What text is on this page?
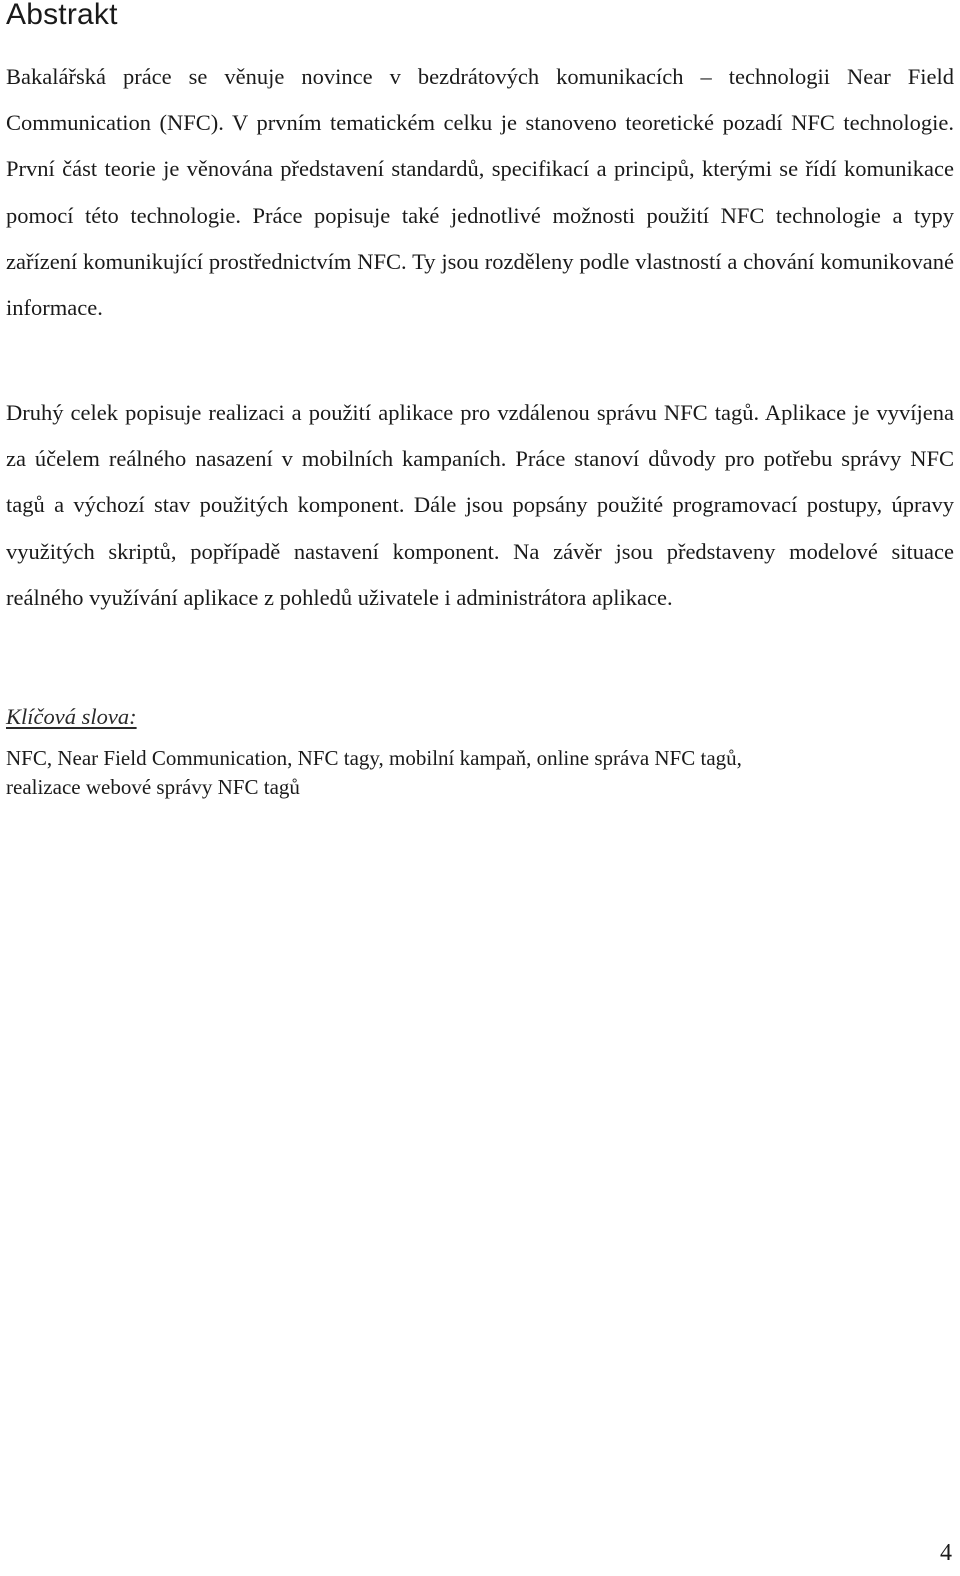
Abstrakt

Bakalářská práce se věnuje novince v bezdrátových komunikacích – technologii Near Field Communication (NFC). V prvním tematickém celku je stanoveno teoretické pozadí NFC technologie. První část teorie je věnována představení standardů, specifikací a principů, kterými se řídí komunikace pomocí této technologie. Práce popisuje také jednotlivé možnosti použití NFC technologie a typy zařízení komunikující prostřednictvím NFC. Ty jsou rozděleny podle vlastností a chování komunikované informace.

Druhý celek popisuje realizaci a použití aplikace pro vzdálenou správu NFC tagů. Aplikace je vyvíjena za účelem reálného nasazení v mobilních kampaních. Práce stanoví důvody pro potřebu správy NFC tagů a výchozí stav použitých komponent. Dále jsou popsány použité programovací postupy, úpravy využitých skriptů, popřípadě nastavení komponent. Na závěr jsou představeny modelové situace reálného využívání aplikace z pohledů uživatele i administrátora aplikace.

Klíčová slova:

NFC, Near Field Communication, NFC tagy, mobilní kampaň, online správa NFC tagů,
realizace webové správy NFC tagů
4
